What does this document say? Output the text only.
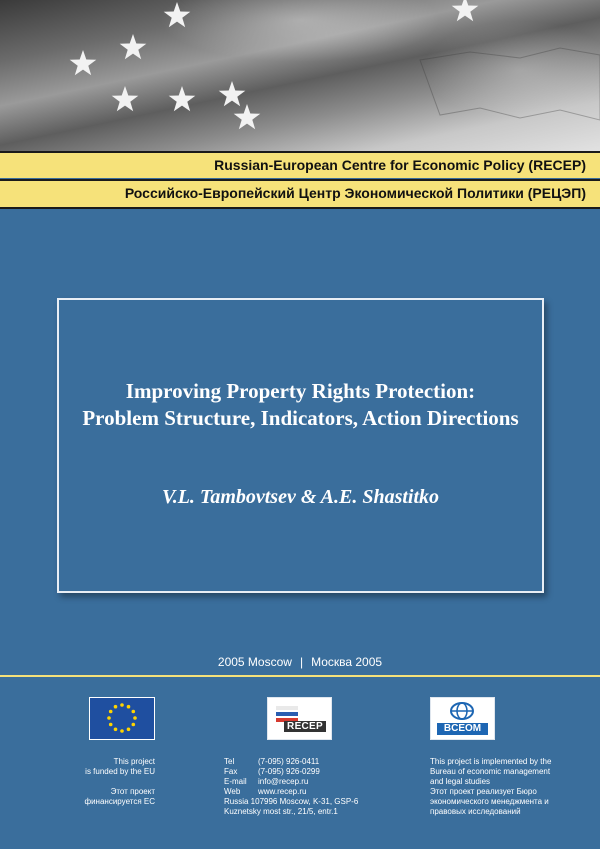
Russian-European Centre for Economic Policy (RECEP)
Российско-Европейский Центр Экономической Политики (РЕЦЭП)
Improving Property Rights Protection:
Problem Structure, Indicators, Action Directions
V.L. Tambovtsev & A.E. Shastitko
2005 Moscow | Москва 2005
RECEP	BCEOM
This project
is funded by the EU
Этот проект
финансируется ЕС
Tel	(7-095) 926-0411
Fax	(7-095) 926-0299
E-mail info@recep.ru
Web www.recep.ru
Russia 107996 Moscow, K-31, GSP-6
Kuznetsky most str., 21/5, entr.1
This project is implemented by the
Bureau of economic management
and legal studies
Этот проект реализует Бюро
экономического менеджмента и
правовых исследований
